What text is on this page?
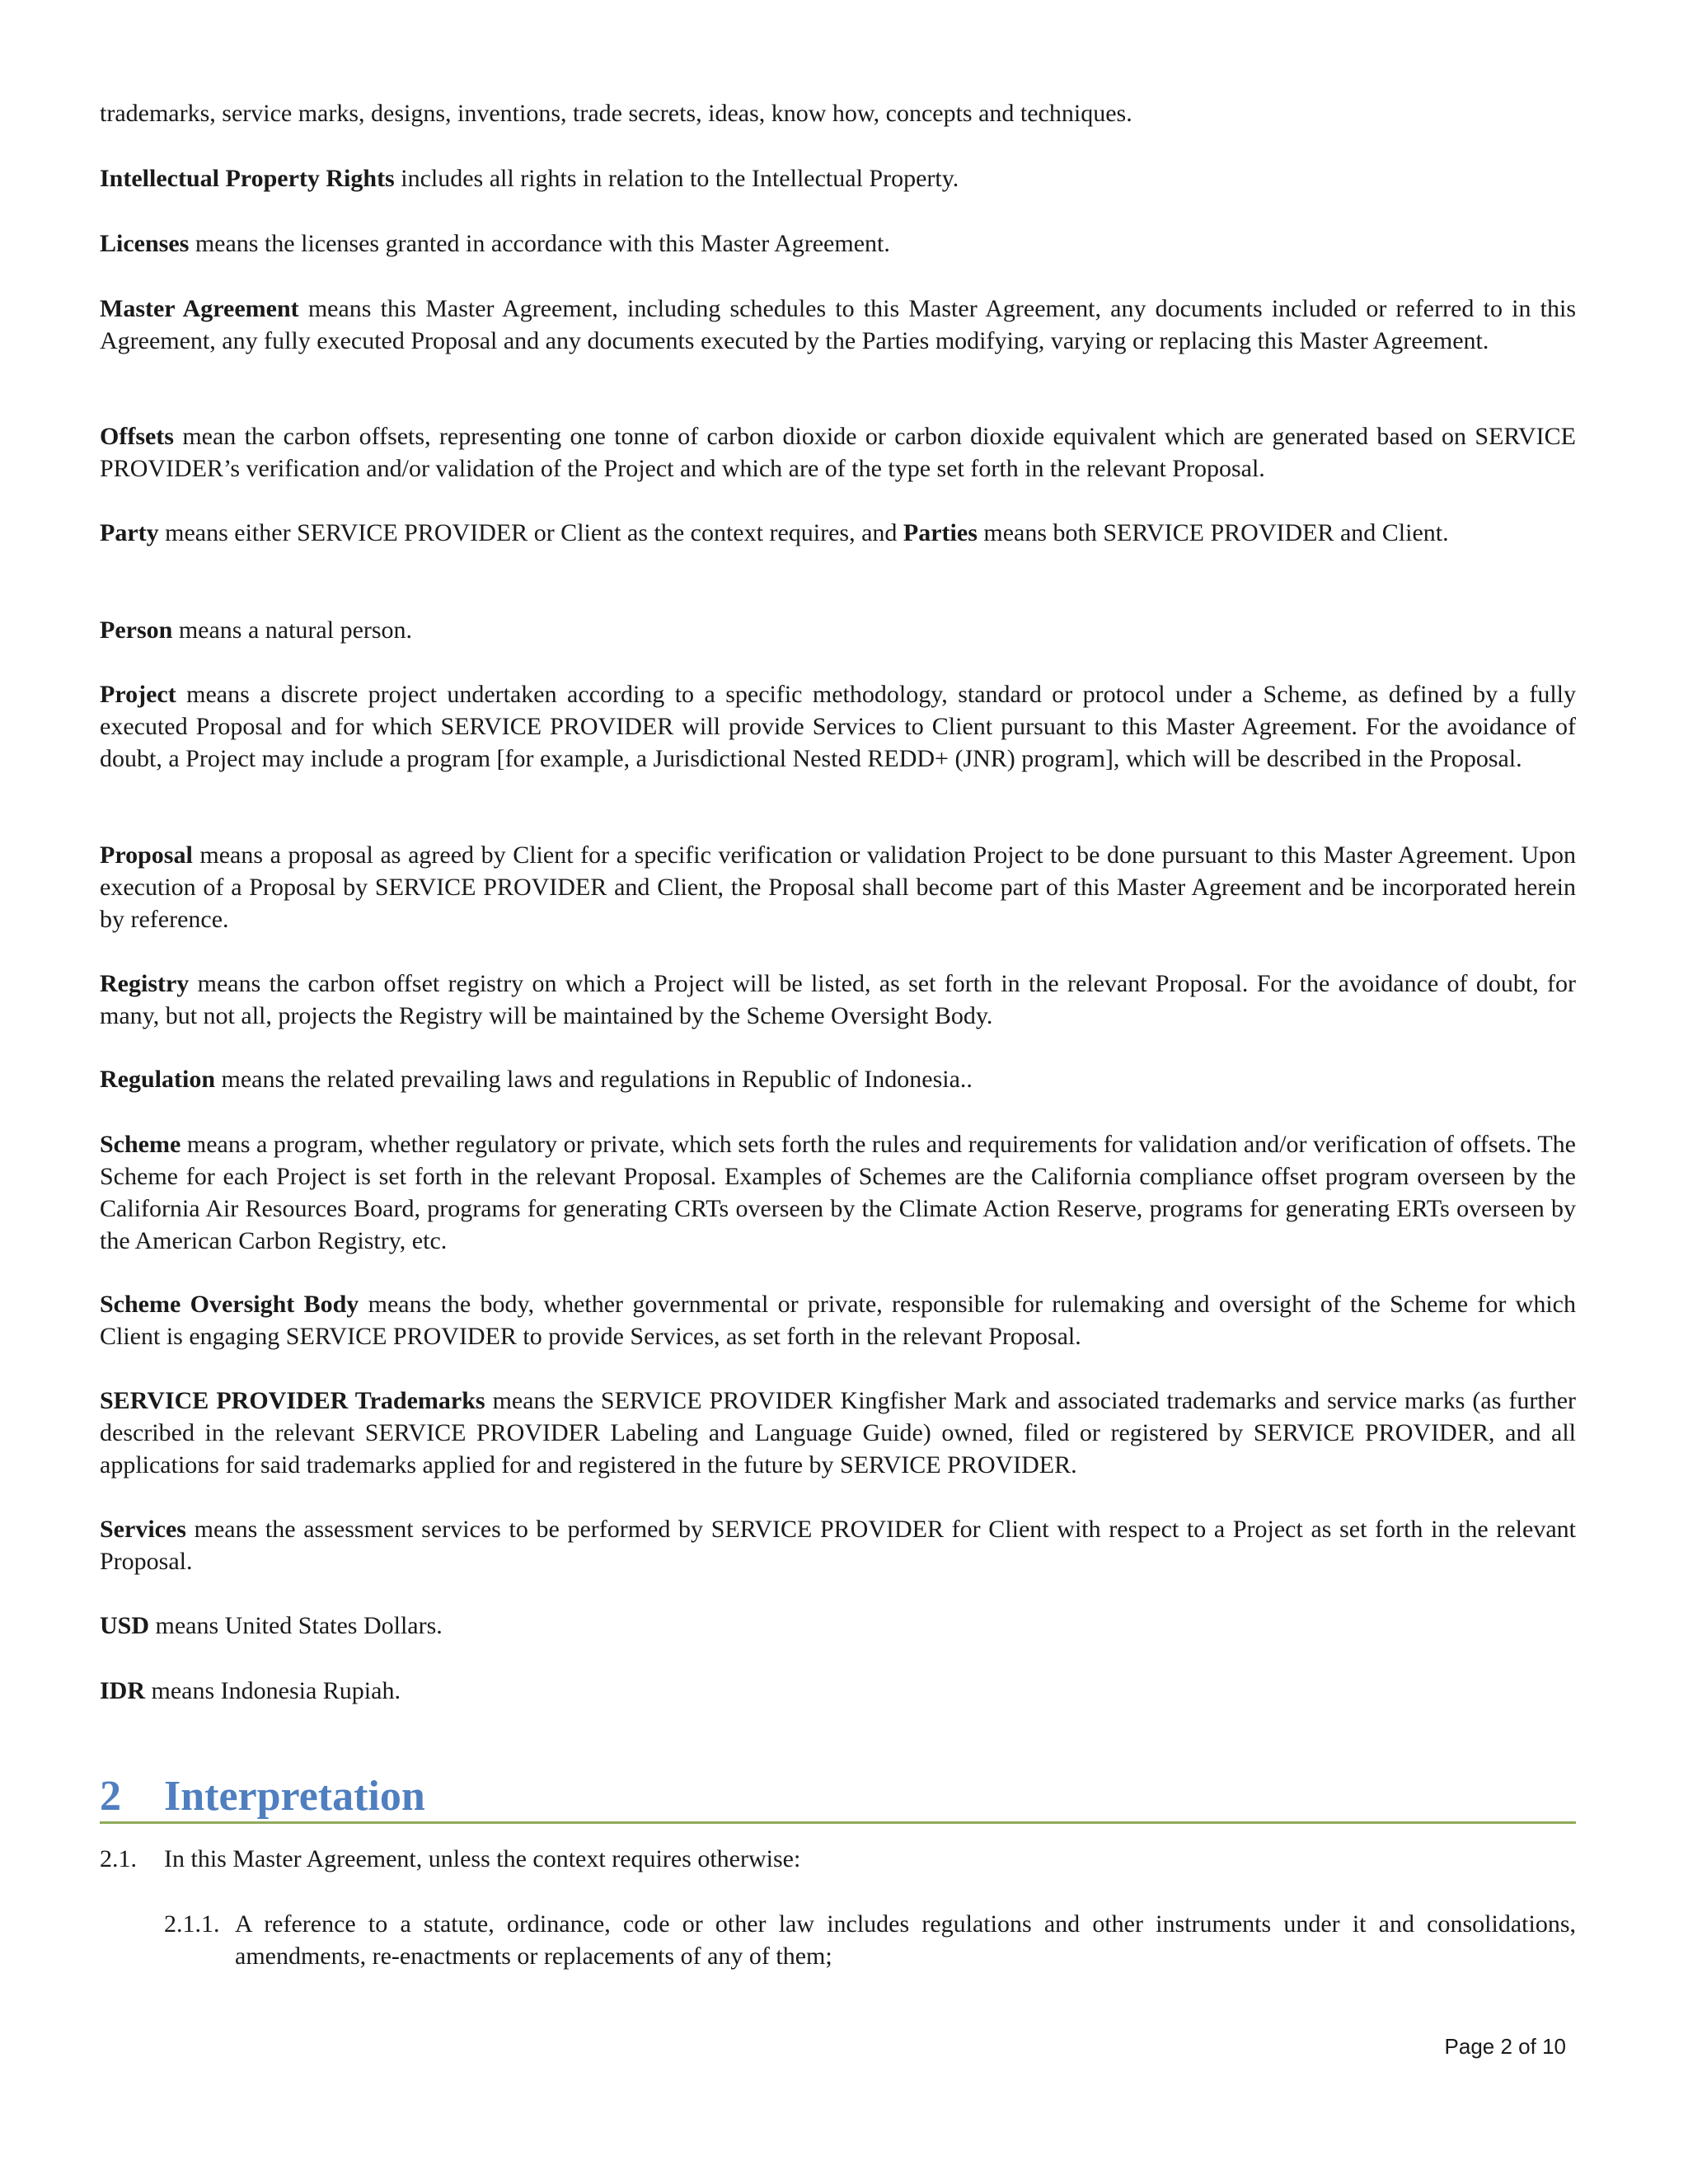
trademarks, service marks, designs, inventions, trade secrets, ideas, know how, concepts and techniques.

Intellectual Property Rights includes all rights in relation to the Intellectual Property.

Licenses means the licenses granted in accordance with this Master Agreement.

Master Agreement means this Master Agreement, including schedules to this Master Agreement, any documents included or referred to in this Agreement, any fully executed Proposal and any documents executed by the Parties modifying, varying or replacing this Master Agreement.

Offsets mean the carbon offsets, representing one tonne of carbon dioxide or carbon dioxide equivalent which are generated based on SERVICE PROVIDER’s verification and/or validation of the Project and which are of the type set forth in the relevant Proposal.

Party means either SERVICE PROVIDER or Client as the context requires, and Parties means both SERVICE PROVIDER and Client.

Person means a natural person.

Project means a discrete project undertaken according to a specific methodology, standard or protocol under a Scheme, as defined by a fully executed Proposal and for which SERVICE PROVIDER will provide Services to Client pursuant to this Master Agreement. For the avoidance of doubt, a Project may include a program [for example, a Jurisdictional Nested REDD+ (JNR) program], which will be described in the Proposal.

Proposal means a proposal as agreed by Client for a specific verification or validation Project to be done pursuant to this Master Agreement. Upon execution of a Proposal by SERVICE PROVIDER and Client, the Proposal shall become part of this Master Agreement and be incorporated herein by reference.

Registry means the carbon offset registry on which a Project will be listed, as set forth in the relevant Proposal. For the avoidance of doubt, for many, but not all, projects the Registry will be maintained by the Scheme Oversight Body.

Regulation means the related prevailing laws and regulations in Republic of Indonesia..

Scheme means a program, whether regulatory or private, which sets forth the rules and requirements for validation and/or verification of offsets. The Scheme for each Project is set forth in the relevant Proposal. Examples of Schemes are the California compliance offset program overseen by the California Air Resources Board, programs for generating CRTs overseen by the Climate Action Reserve, programs for generating ERTs overseen by the American Carbon Registry, etc.

Scheme Oversight Body means the body, whether governmental or private, responsible for rulemaking and oversight of the Scheme for which Client is engaging SERVICE PROVIDER to provide Services, as set forth in the relevant Proposal.

SERVICE PROVIDER Trademarks means the SERVICE PROVIDER Kingfisher Mark and associated trademarks and service marks (as further described in the relevant SERVICE PROVIDER Labeling and Language Guide) owned, filed or registered by SERVICE PROVIDER, and all applications for said trademarks applied for and registered in the future by SERVICE PROVIDER.

Services means the assessment services to be performed by SERVICE PROVIDER for Client with respect to a Project as set forth in the relevant Proposal.

USD means United States Dollars.

IDR means Indonesia Rupiah.

2 Interpretation
2.1. In this Master Agreement, unless the context requires otherwise:
2.1.1. A reference to a statute, ordinance, code or other law includes regulations and other instruments under it and consolidations, amendments, re-enactments or replacements of any of them;
Page 2 of 10
